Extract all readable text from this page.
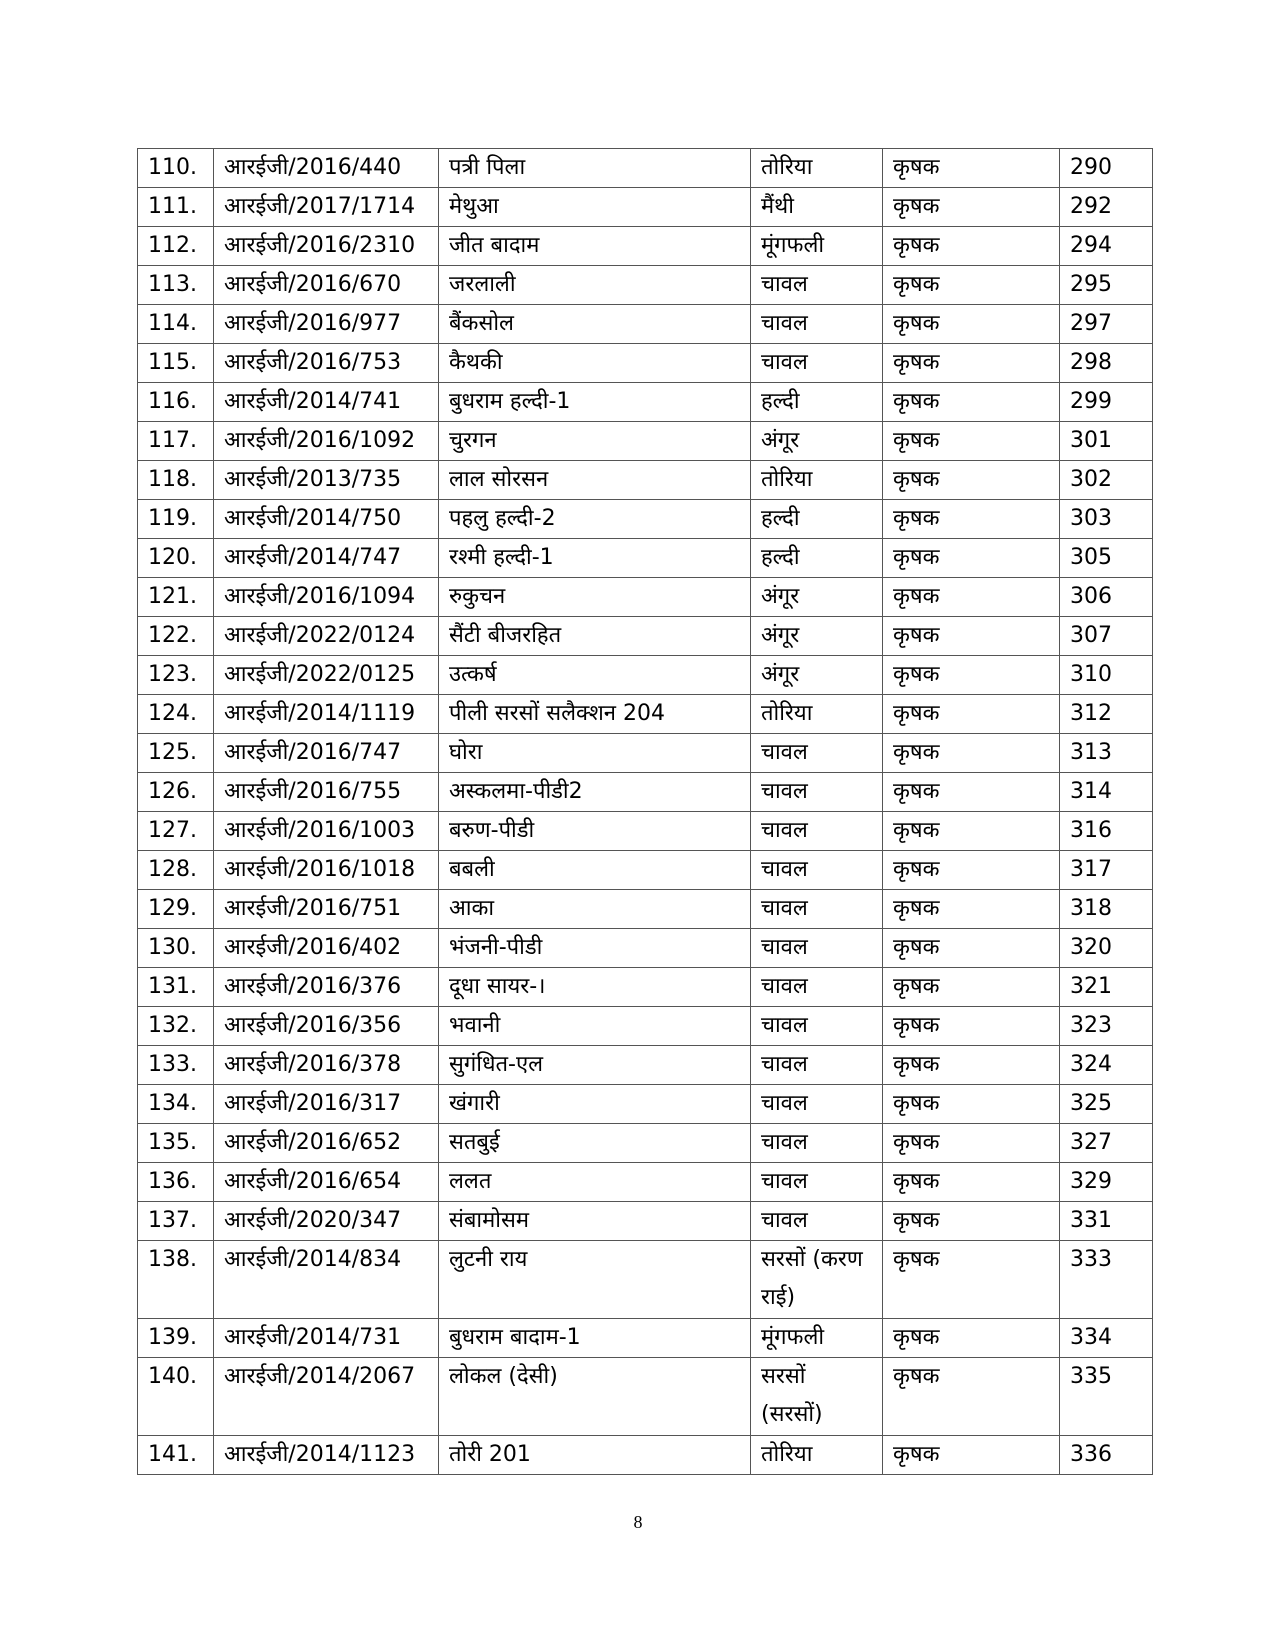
110.	आरईजी/2016/440	पत्री पिला	तोरिया	कृषक	290
111.	आरईजी/2017/1714	मेथुआ	मैंथी	कृषक	292
112.	आरईजी/2016/2310	जीत बादाम	मूंगफली	कृषक	294
113.	आरईजी/2016/670	जरलाली	चावल	कृषक	295
114.	आरईजी/2016/977	बैंकसोल	चावल	कृषक	297
115.	आरईजी/2016/753	कैथकी	चावल	कृषक	298
116.	आरईजी/2014/741	बुधराम हल्दी-1	हल्दी	कृषक	299
117.	आरईजी/2016/1092	चुरगन	अंगूर	कृषक	301
118.	आरईजी/2013/735	लाल सोरसन	तोरिया	कृषक	302
119.	आरईजी/2014/750	पहलु हल्दी-2	हल्दी	कृषक	303
120.	आरईजी/2014/747	रश्मी हल्दी-1	हल्दी	कृषक	305
121.	आरईजी/2016/1094	रुकुचन	अंगूर	कृषक	306
122.	आरईजी/2022/0124	सैंटी बीजरहित	अंगूर	कृषक	307
123.	आरईजी/2022/0125	उत्कर्ष	अंगूर	कृषक	310
124.	आरईजी/2014/1119	पीली सरसों सलैक्शन 204	तोरिया	कृषक	312
125.	आरईजी/2016/747	घोरा	चावल	कृषक	313
126.	आरईजी/2016/755	अस्कलमा-पीडी2	चावल	कृषक	314
127.	आरईजी/2016/1003	बरुण-पीडी	चावल	कृषक	316
128.	आरईजी/2016/1018	बबली	चावल	कृषक	317
129.	आरईजी/2016/751	आका	चावल	कृषक	318
130.	आरईजी/2016/402	भंजनी-पीडी	चावल	कृषक	320
131.	आरईजी/2016/376	दूधा सायर-।	चावल	कृषक	321
132.	आरईजी/2016/356	भवानी	चावल	कृषक	323
133.	आरईजी/2016/378	सुगंधित-एल	चावल	कृषक	324
134.	आरईजी/2016/317	खंगारी	चावल	कृषक	325
135.	आरईजी/2016/652	सतबुई	चावल	कृषक	327
136.	आरईजी/2016/654	ललत	चावल	कृषक	329
137.	आरईजी/2020/347	संबामोसम	चावल	कृषक	331
138.	आरईजी/2014/834	लुटनी राय	सरसों (करण राई)	कृषक	333
139.	आरईजी/2014/731	बुधराम बादाम-1	मूंगफली	कृषक	334
140.	आरईजी/2014/2067	लोकल (देसी)	सरसों (सरसों)	कृषक	335
141.	आरईजी/2014/1123	तोरी 201	तोरिया	कृषक	336
8
